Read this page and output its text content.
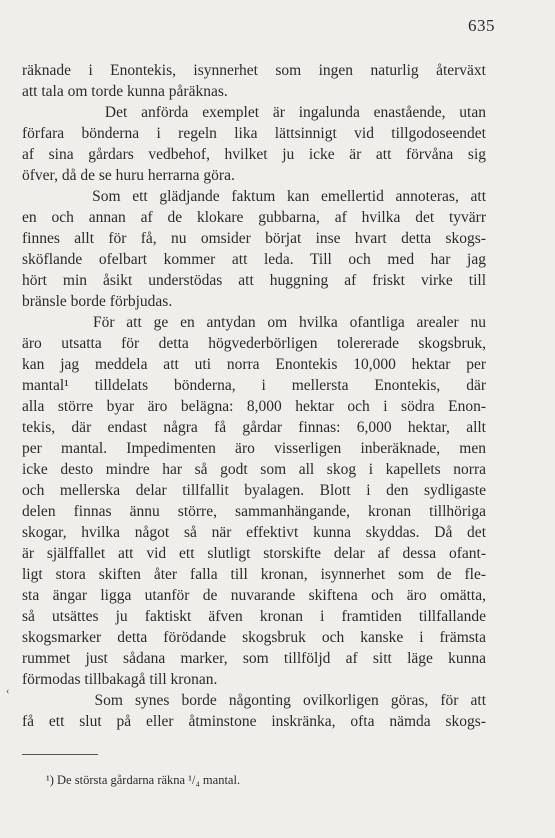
635
räknade i Enontekis, isynnerhet som ingen naturlig återväxt
att tala om torde kunna påräknas.
Det anförda exemplet är ingalunda enastående, utan
förfara bönderna i regeln lika lättsinnigt vid tillgodoseendet
af sina gårdars vedbehof, hvilket ju icke är att förvåna sig
öfver, då de se huru herrarna göra.
Som ett glädjande faktum kan emellertid annoteras, att
en och annan af de klokare gubbarna, af hvilka det tyvärr
finnes allt för få, nu omsider börjat inse hvart detta skogs-
sköflande ofelbart kommer att leda. Till och med har jag
hört min åsikt understödas att huggning af friskt virke till
bränsle borde förbjudas.
För att ge en antydan om hvilka ofantliga arealer nu
äro utsatta för detta högvederbörligen tolererade skogsbruk,
kan jag meddela att uti norra Enontekis 10,000 hektar per
mantal¹ tilldelats bönderna, i mellersta Enontekis, där
alla större byar äro belägna: 8,000 hektar och i södra Enon-
tekis, där endast några få gårdar finnas: 6,000 hektar, allt
per mantal. Impedimenten äro visserligen inberäknade, men
icke desto mindre har så godt som all skog i kapellets norra
och mellerska delar tillfallit byalagen. Blott i den sydligaste
delen finnas ännu större, sammanhängande, kronan tillhöriga
skogar, hvilka något så när effektivt kunna skyddas. Då det
är själffallet att vid ett slutligt storskifte delar af dessa ofant-
ligt stora skiften åter falla till kronan, isynnerhet som de fle-
sta ängar ligga utanför de nuvarande skiftena och äro omätta,
så utsättes ju faktiskt äfven kronan i framtiden tillfallande
skogsmarker detta förödande skogsbruk och kanske i främsta
rummet just sådana marker, som tillföljd af sitt läge kunna
förmodas tillbakagå till kronan.
Som synes borde någonting ovilkorligen göras, för att
få ett slut på eller åtminstone inskränka, ofta nämda skogs-
‹
¹) De största gårdarna räkna ¹/₄ mantal.
